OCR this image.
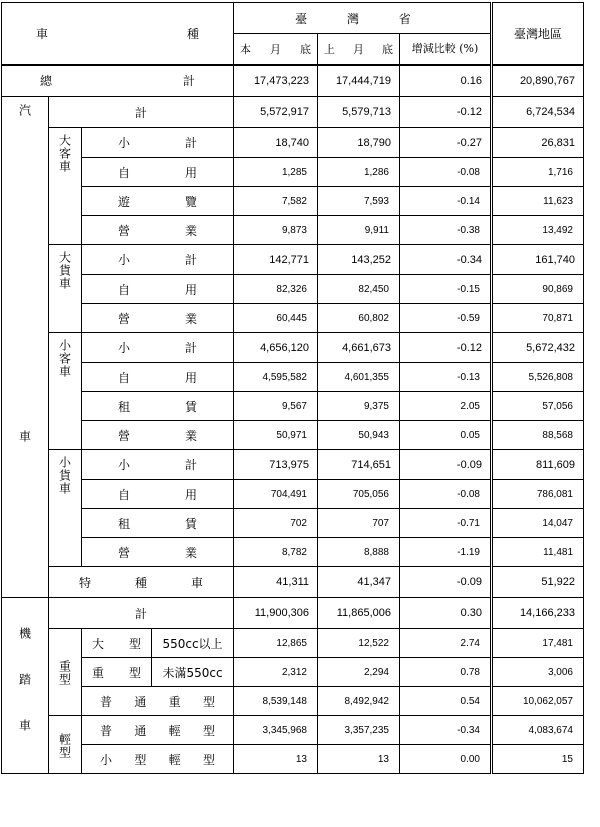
車 種				臺 灣 省			臺灣地區
				本 月 底	上 月 底	增減比較 (%)	

總 計				17,473,223	17,444,719	0.16	20,890,767
汽 車	計			5,572,917	5,579,713	-0.12	6,724,534
	大客車	小 計		18,740	18,790	-0.27	26,831

		自 用		1,285	1,286	-0.08	1,716

		遊 覽		7,582	7,593	-0.14	11,623

		營 業		9,873	9,911	-0.38	13,492
	大貨車	小 計		142,771	143,252	-0.34	161,740

		自 用		82,326	82,450	-0.15	90,869

		營 業		60,445	60,802	-0.59	70,871
	小客車	小 計		4,656,120	4,661,673	-0.12	5,672,432

		自 用		4,595,582	4,601,355	-0.13	5,526,808

		租 賃		9,567	9,375	2.05	57,056

		營 業		50,971	50,943	0.05	88,568
	小貨車	小 計		713,975	714,651	-0.09	811,609

		自 用		704,491	705,056	-0.08	786,081

		租 賃		702	707	-0.71	14,047

		營 業		8,782	8,888	-1.19	11,481

	特 種 車			41,311	41,347	-0.09	51,922
機 踏 車	計			11,900,306	11,865,006	0.30	14,166,233
	重型	大 型	550cc以上	12,865	12,522	2.74	17,481

		重 型	未滿550cc	2,312	2,294	0.78	3,006

		普 通 重 型		8,539,148	8,492,942	0.54	10,062,057
	輕型	普 通 輕 型		3,345,968	3,357,235	-0.34	4,083,674

		小 型 輕 型		13	13	0.00	15
